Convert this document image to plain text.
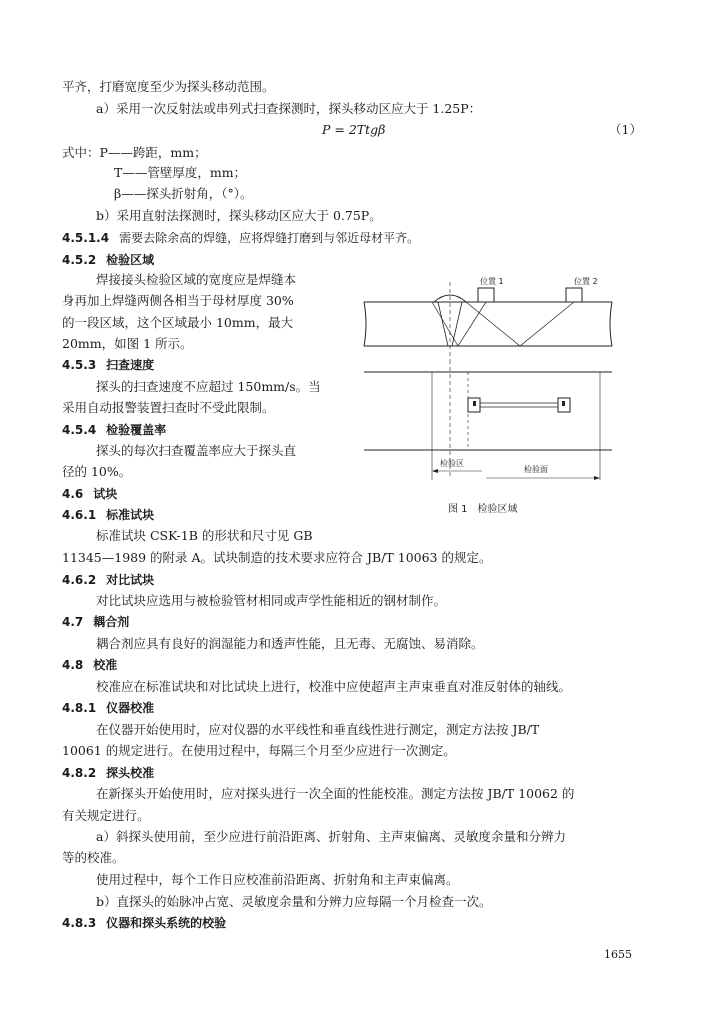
平齐，打磨宽度至少为探头移动范围。
a）采用一次反射法或串列式扫查探测时，探头移动区应大于 1.25P：
P = 2Ttgβ	（1）
式中：P——跨距，mm；
T——管壁厚度，mm；
β——探头折射角，（°）。
b）采用直射法探测时，探头移动区应大于 0.75P。
4.5.1.4 需要去除余高的焊缝，应将焊缝打磨到与邻近母材平齐。
4.5.2 检验区域
焊接接头检验区域的宽度应是焊缝本
身再加上焊缝两侧各相当于母材厚度 30%
的一段区域，这个区域最小 10mm，最大
20mm，如图 1 所示。
4.5.3 扫查速度
探头的扫查速度不应超过 150mm/s。当
采用自动报警装置扫查时不受此限制。
4.5.4 检验覆盖率
探头的每次扫查覆盖率应大于探头直
径的 10%。
4.6 试块
4.6.1 标准试块
标准试块 CSK-1B 的形状和尺寸见 GB
11345—1989 的附录 A。试块制造的技术要求应符合 JB/T 10063 的规定。
4.6.2 对比试块
对比试块应选用与被检验管材相同或声学性能相近的钢材制作。
4.7 耦合剂
耦合剂应具有良好的润湿能力和透声性能，且无毒、无腐蚀、易消除。
4.8 校准
校准应在标准试块和对比试块上进行，校准中应使超声主声束垂直对准反射体的轴线。
4.8.1 仪器校准
在仪器开始使用时，应对仪器的水平线性和垂直线性进行测定，测定方法按 JB/T
10061 的规定进行。在使用过程中，每隔三个月至少应进行一次测定。
4.8.2 探头校准
在新探头开始使用时，应对探头进行一次全面的性能校准。测定方法按 JB/T 10062 的
有关规定进行。
a）斜探头使用前，至少应进行前沿距离、折射角、主声束偏离、灵敏度余量和分辨力
等的校准。
使用过程中，每个工作日应校准前沿距离、折射角和主声束偏离。
b）直探头的始脉冲占宽、灵敏度余量和分辨力应每隔一个月检查一次。
4.8.3 仪器和探头系统的校验
位置 1	位置 2
检验区
检验面
图 1　检验区域
1655
